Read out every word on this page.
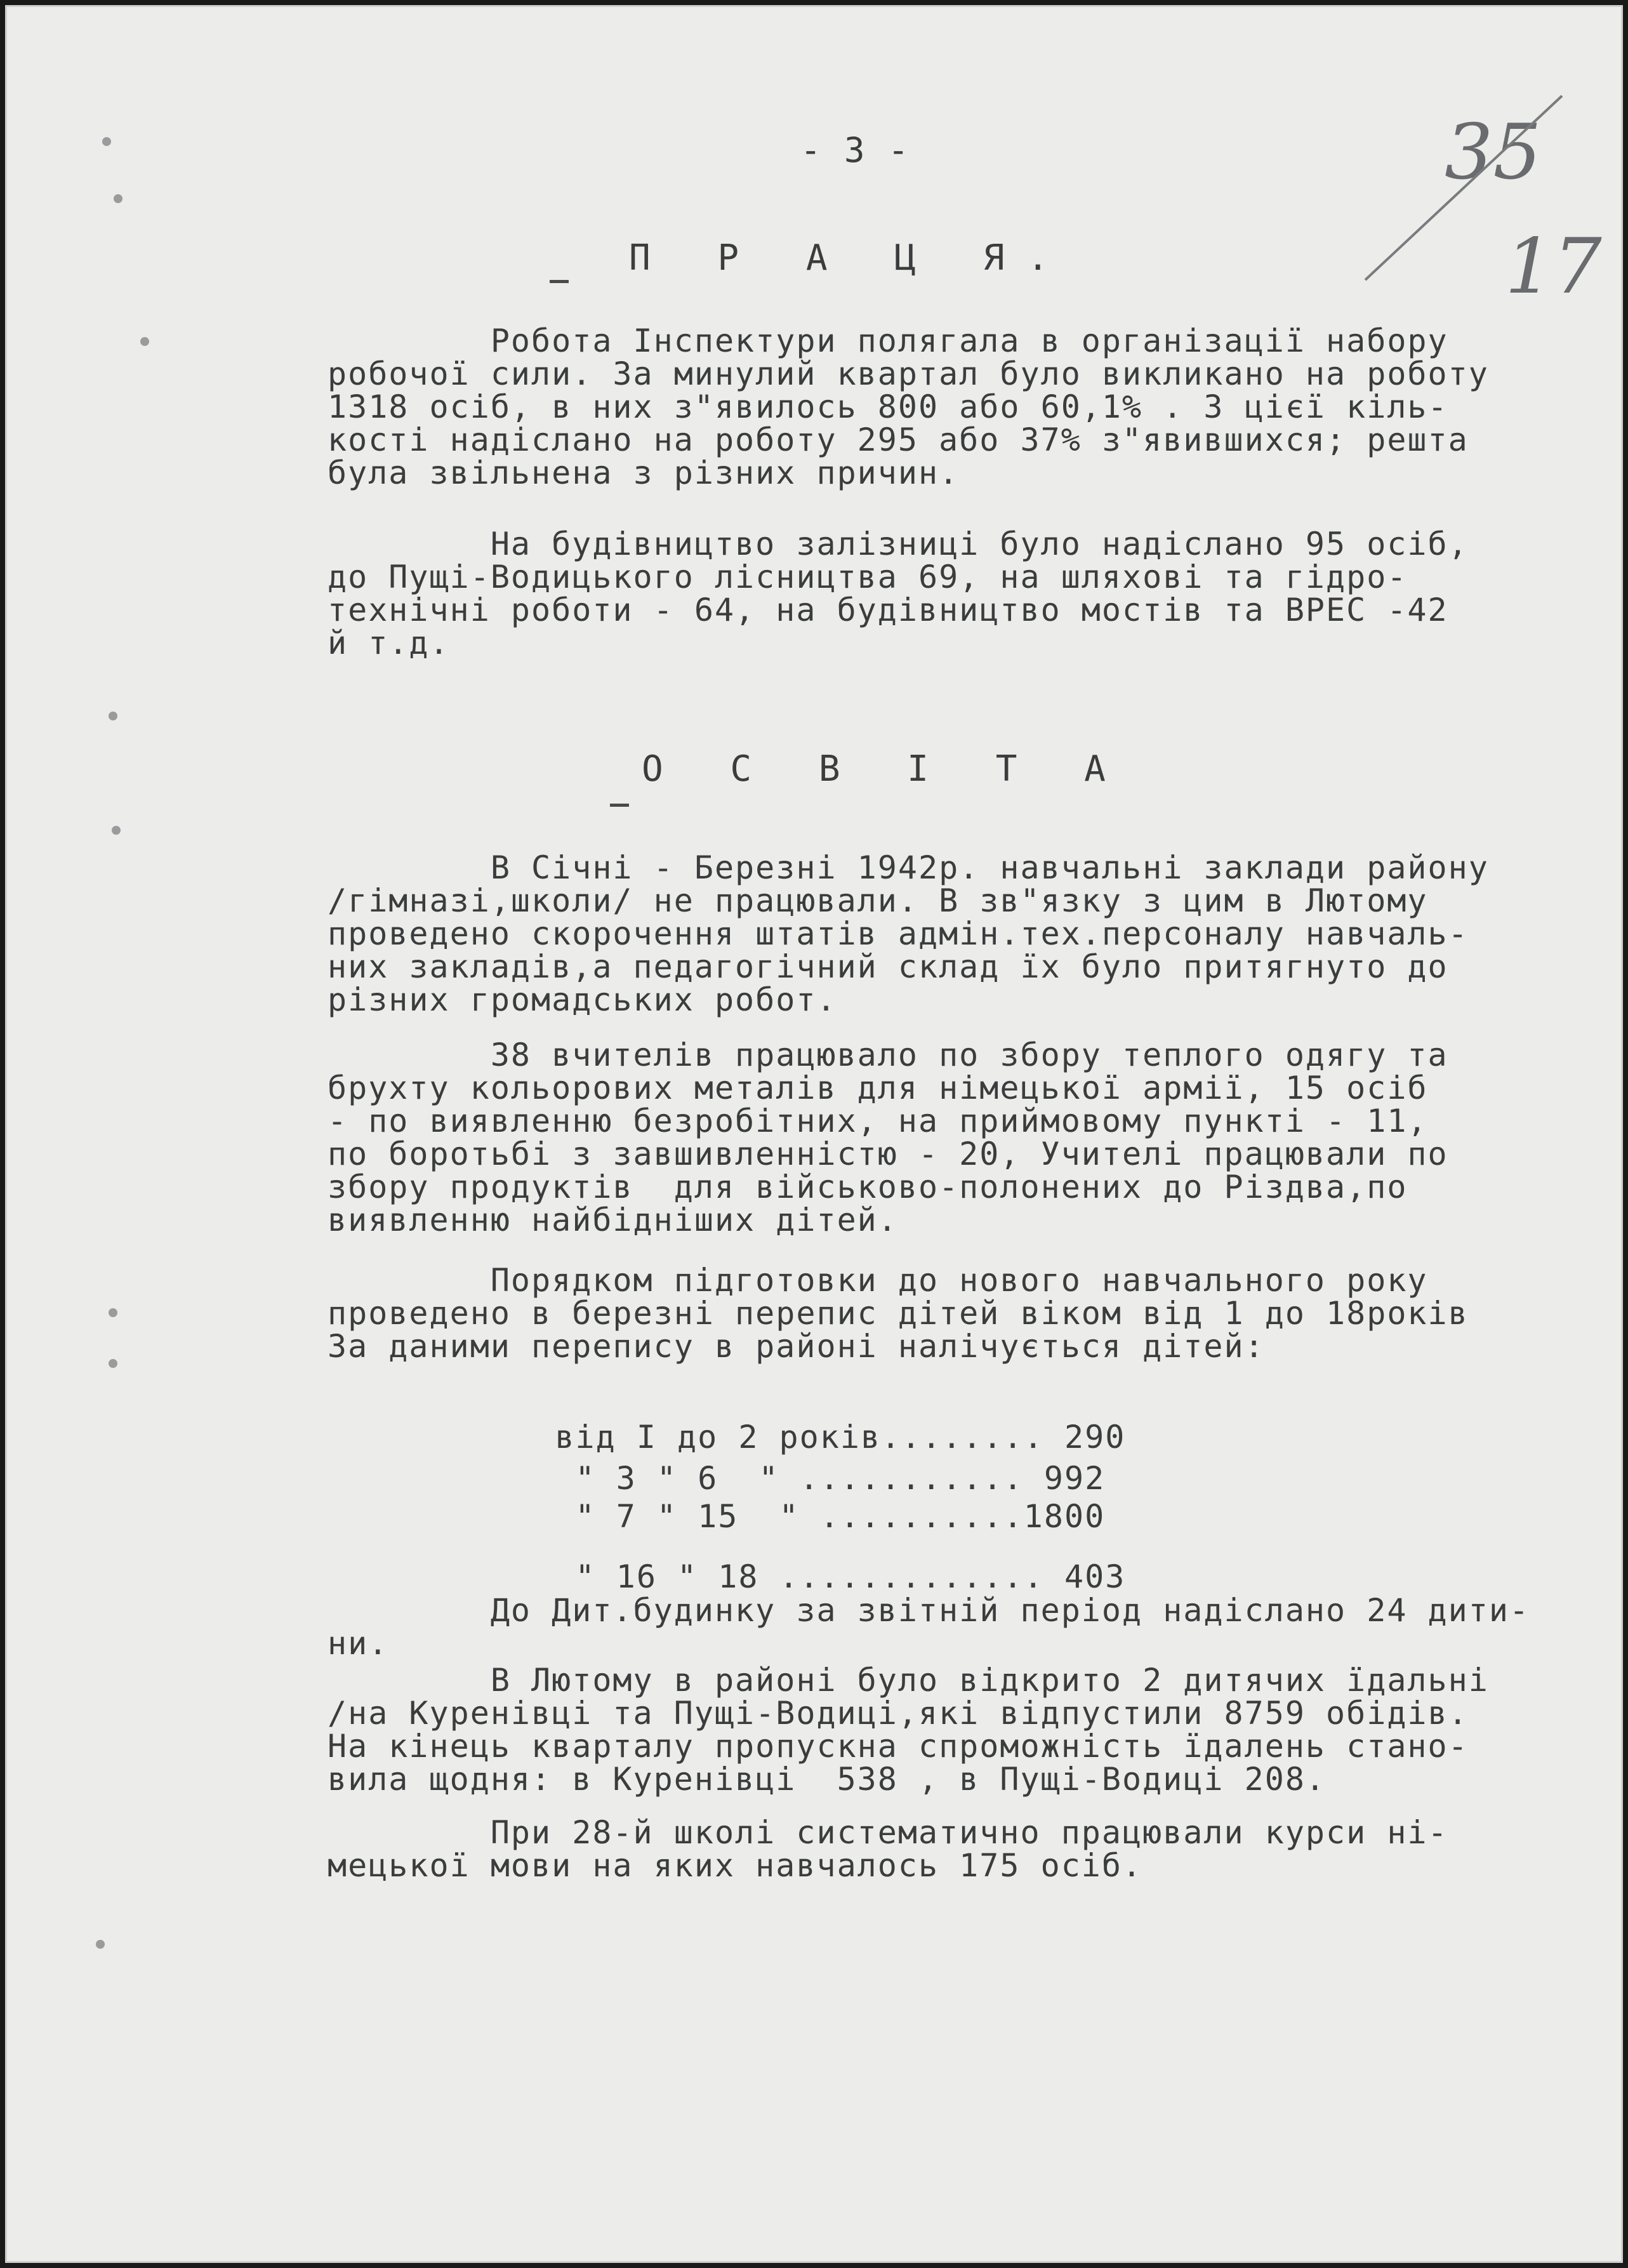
35
17
- 3 -
П Р А Ц Я.
Робота Інспектури полягала в організації набору
робочої сили. За минулий квартал було викликано на роботу
1318 осіб, в них з"явилось 800 або 60,1% . З цієї кіль-
кості надіслано на роботу 295 або 37% з"явившихся; решта
була звільнена з різних причин.
На будівництво залізниці було надіслано 95 осіб,
до Пущі-Водицького лісництва 69, на шляхові та гідро-
технічні роботи - 64, на будівництво мостів та ВРЕС -42
й т.д.
О С В І Т А
В Січні - Березні 1942р. навчальні заклади району
/гімназі,школи/ не працювали. В зв"язку з цим в Лютому
проведено скорочення штатів адмін.тех.персоналу навчаль-
них закладів,а педагогічний склад їх було притягнуто до
різних громадських робот.
38 вчителів працювало по збору теплого одягу та
брухту кольорових металів для німецької армії, 15 осіб
- по виявленню безробітних, на приймовому пункті - 11,
по боротьбі з завшивленністю - 20, Учителі працювали по
збору продуктів  для військово-полонених до Різдва,по
виявленню найбідніших дітей.
Порядком підготовки до нового навчального року
проведено в березні перепис дітей віком від 1 до 18років
За даними перепису в районі налічується дітей:

від І до 2 років........ 290

" 3 " 6  " ........... 992

" 7 " 15  " ..........1800

" 16 " 18 ............. 403

До Дит.будинку за звітній період надіслано 24 дити-
ни.
В Лютому в районі було відкрито 2 дитячих їдальні
/на Куренівці та Пущі-Водиці,які відпустили 8759 обідів.
На кінець кварталу пропускна спроможність їдалень стано-
вила щодня: в Куренівці  538 , в Пущі-Водиці 208.
При 28-й школі систематично працювали курси ні-
мецької мови на яких навчалось 175 осіб.
